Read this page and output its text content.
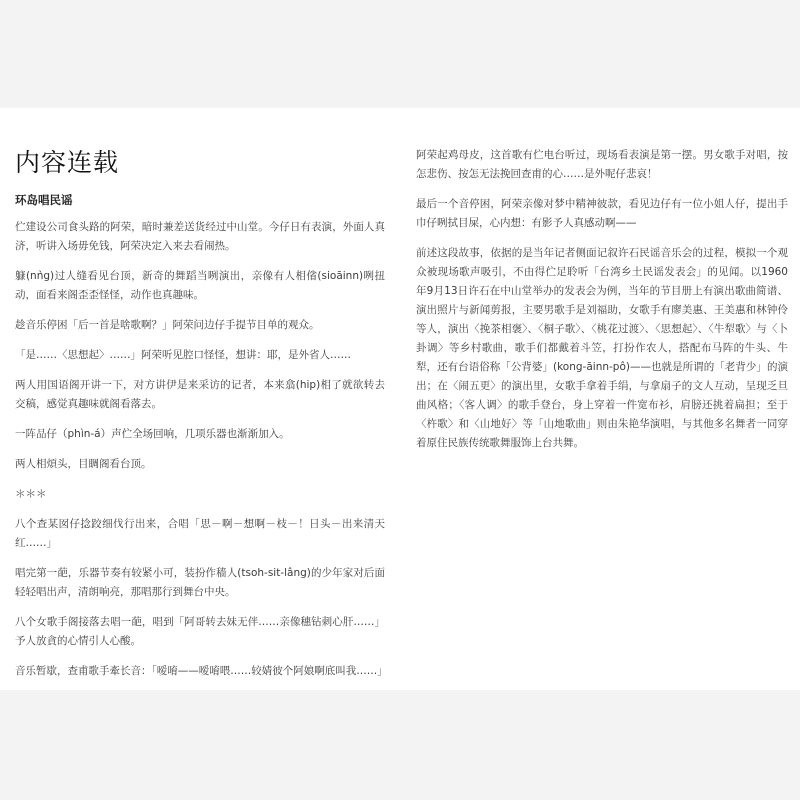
内容连载
环岛唱民谣

伫建设公司食头路的阿荣，暗时兼差送货经过中山堂。今仔日有表演，外面人真济，听讲入场毋免钱，阿荣决定入来去看闹热。

躿(nǹg)过人缝看见台顶，新奇的舞蹈当咧演出，亲像有人相偗(sioāinn)咧扭动，面看来阁歪歪怪怪，动作也真趣味。

趁音乐停困「后一首是啥歌啊？」阿荣问边仔手提节目单的观众。

「是……〈思想起〉……」阿荣听见腔口怪怪，想讲：耶，是外省人……

两人用国语阁开讲一下，对方讲伊是来采访的记者，本来翕(hip)相了就欲转去交稿，感觉真趣味就阁看落去。

一阵品仔（phìn-á）声伫全场回响，几项乐器也渐渐加入。

两人相煩头，目睭阁看台顶。

＊＊＊

八个查某囡仔捻跤细伐行出来，合唱「思－啊－想啊－枝－！日头－出来清天红……」

唱完第一葩，乐器节奏有较紧小可，装扮作穑人(tsoh-sit-lâng)的少年家对后面轻轻唱出声，清朗响亮，那唱那行到舞台中央。

八个女歌手阁接落去唱一葩，唱到「阿哥转去妹无伴……亲像穗钻刺心肝……」予人放貪的心情引人心酸。

音乐暂歇，查甫歌手牽长音：「嗳唷——嗳唷喂……较婧彼个阿娘啊底叫我……」

阿荣起鸡母皮，这首歌有伫电台听过，现场看表演是第一摆。男女歌手对唱，按怎悲伤、按怎无法挽回查甫的心……是外呢仔悲哀！

最后一个音停困，阿荣亲像对梦中精神彼款，看见边仔有一位小姐人仔，提出手巾仔咧拭目屎，心内想：有影予人真感动啊——

前述这段故事，依据的是当年记者侧面记叙许石民谣音乐会的过程，模拟一个观众被现场歌声吸引，不由得伫足聆听「台湾乡土民谣发表会」的见闻。以1960年9月13日许石在中山堂举办的发表会为例，当年的节目册上有演出歌曲简谱、演出照片与新闻剪报，主要男歌手是刘福助，女歌手有廖美惠、王美惠和林钟伶等人，演出〈挽茶相褒〉、〈桐子歌〉、〈桃花过渡〉、〈思想起〉、〈牛犁歌〉与〈卜卦调〉等乡村歌曲，歌手们都戴着斗笠，打扮作农人，搭配布马阵的牛头、牛犁，还有台语俗称「公背婆」(kong-āinn-pô)——也就是所谓的「老背少」的演出；在〈闹五更〉的演出里，女歌手拿着手绢，与拿扇子的文人互动，呈现乏旦曲风格；〈客人调〉的歌手登台，身上穿着一件宽布衫，肩膀还挑着扁担；至于〈杵歌〉和〈山地好〉等「山地歌曲」则由朱艳华演唱，与其他多名舞者一同穿着原住民族传统歌舞服饰上台共舞。
